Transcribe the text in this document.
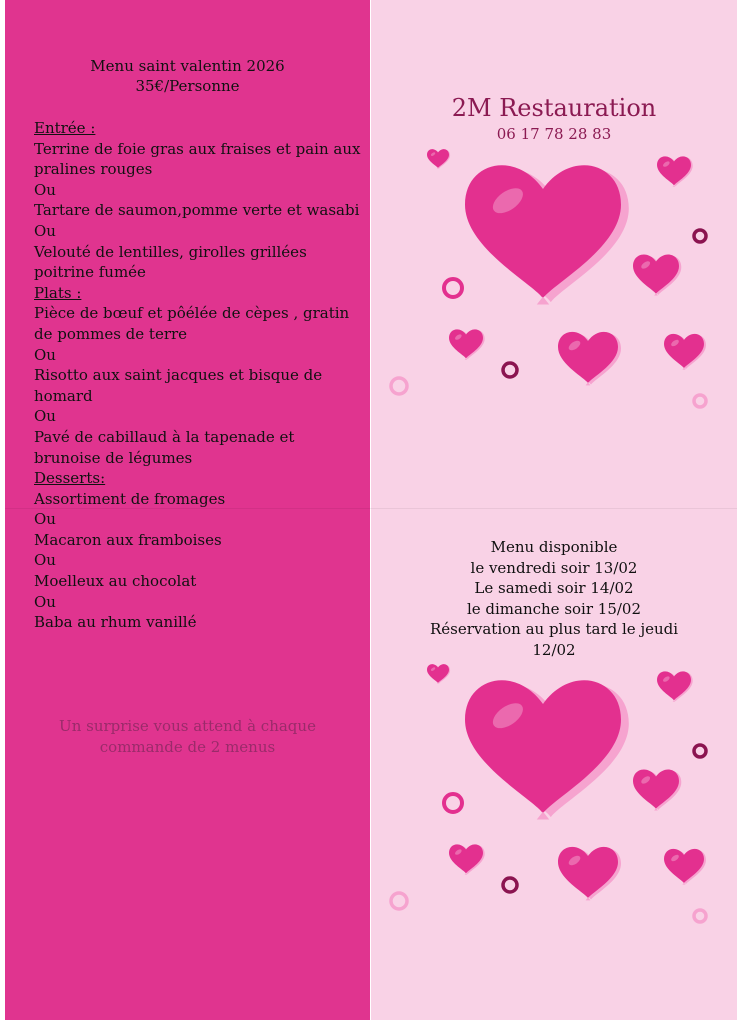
Menu saint valentin 2026
35€/Personne
Entrée :
Terrine de foie gras aux fraises et pain aux pralines rouges
Ou
Tartare de saumon,pomme verte et wasabi
Ou
Velouté de lentilles, girolles grillées poitrine fumée
Plats :
Pièce de bœuf et pôélée de cèpes , gratin de pommes de terre
Ou
Risotto aux saint jacques et bisque de homard
Ou
Pavé de cabillaud à la tapenade et brunoise de légumes
Desserts:
Assortiment de fromages
Ou
Macaron aux framboises
Ou
Moelleux au chocolat
Ou
Baba au rhum vanillé
Un surprise vous attend à chaque
commande de 2 menus
2M Restauration
06 17 78 28 83
Menu disponible
le vendredi soir 13/02
Le samedi soir 14/02
le dimanche soir 15/02
Réservation au plus tard le jeudi
12/02
